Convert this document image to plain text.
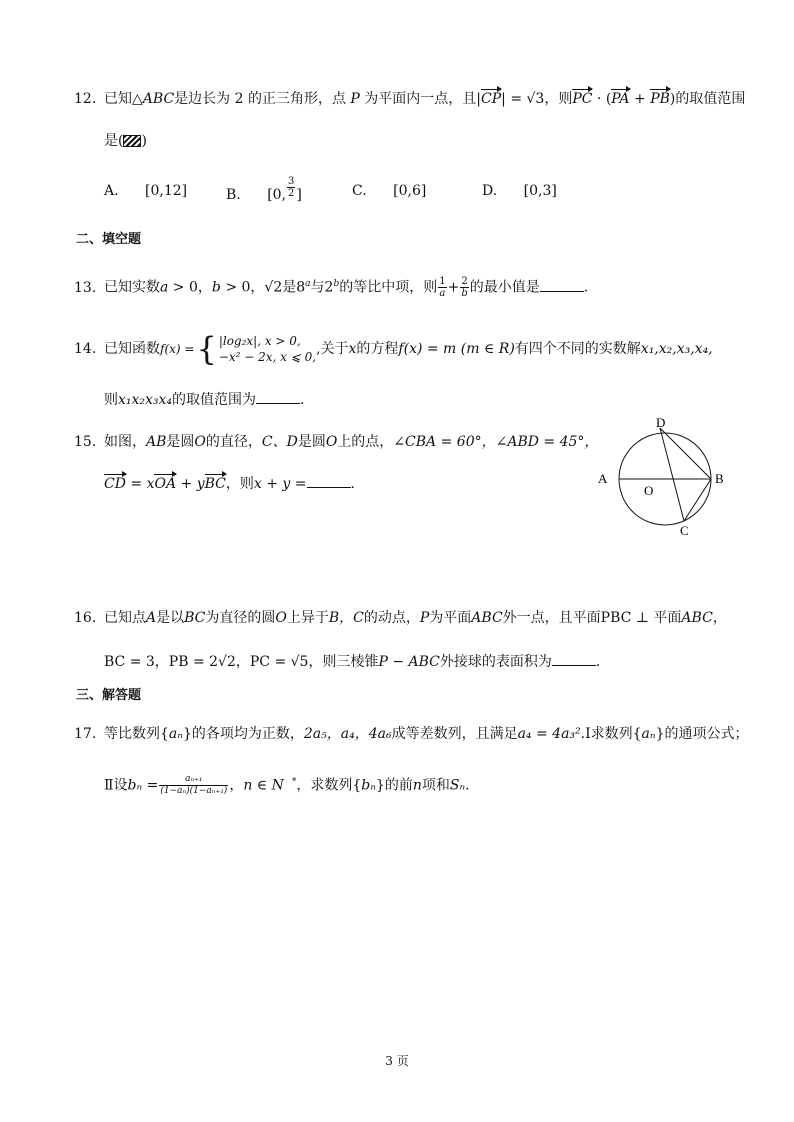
12. 已知△ABC是边长为 2 的正三角形，点 P 为平面内一点，且|CP| = √3，则PC · (PA + PB)的取值范围
是( )
A. [0,12]	B. [0, $\frac{3}{2}$ ]	C. [0,6]	D. [0,3]
二、填空题
13. 已知实数a > 0，b > 0，√2是8$^a$与2$^b$的等比中项，则 $\frac{1}{a} + \frac{2}{b}$ 的最小值是	.
14. 已知函数f(x) ={ |log₂x|, x > 0,
−x² − 2x, x ⩽ 0, ,关于x的方程f(x) = m (m ∈ R)有四个不同的实数解x₁,x₂,x₃,x₄,
则x₁x₂x₃x₄的取值范围为	.
15. 如图，AB是圆O的直径，C、D是圆O上的点，∠CBA = 60°，∠ABD = 45°，
CD = xOA + yBC，则x + y =	.	A	B
C
D
O
16. 已知点A是以BC为直径的圆O上异于B，C的动点，P为平面ABC外一点，且平面PBC ⊥ 平面ABC，
BC = 3，PB = 2√2，PC = √5，则三棱锥P − ABC外接球的表面积为	.
三、解答题
17. 等比数列{aₙ}的各项均为正数，2a₅，a₄，4a₆成等差数列，且满足a₄ = 4a₃².Ⅰ求数列{aₙ}的通项公式；
Ⅱ设$b_n = \frac{\text{aₙ₊₁}}{\text{(1−aₙ)(1−aₙ₊₁)}}$ ，n ∈ N *，求数列{bₙ}的前n项和Sₙ.
3 页
